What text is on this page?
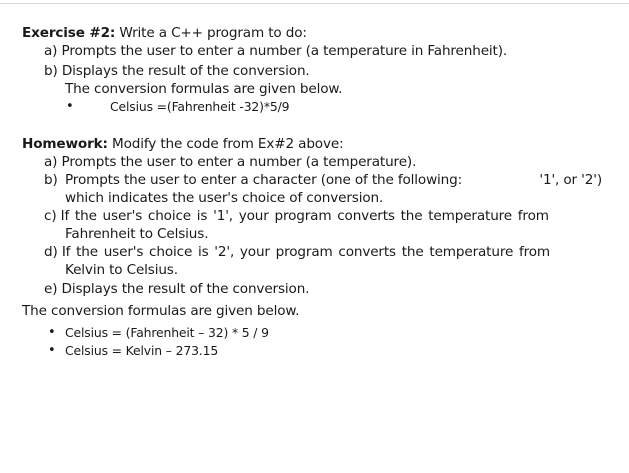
Exercise #2: Write a C++ program to do:
a) Prompts the user to enter a number (a temperature in Fahrenheit).
b) Displays the result of the conversion.
The conversion formulas are given below.
•	Celsius =(Fahrenheit -32)*5/9
Homework: Modify the code from Ex#2 above:
a) Prompts the user to enter a number (a temperature).
b) Prompts the user to enter a character (one of the following:	'1', or '2')
which indicates the user's choice of conversion.
c) If the user's choice is '1', your program converts the temperature from
Fahrenheit to Celsius.
d) If the user's choice is '2', your program converts the temperature from
Kelvin to Celsius.
e) Displays the result of the conversion.
The conversion formulas are given below.
• Celsius = (Fahrenheit – 32) * 5 / 9
• Celsius = Kelvin – 273.15
